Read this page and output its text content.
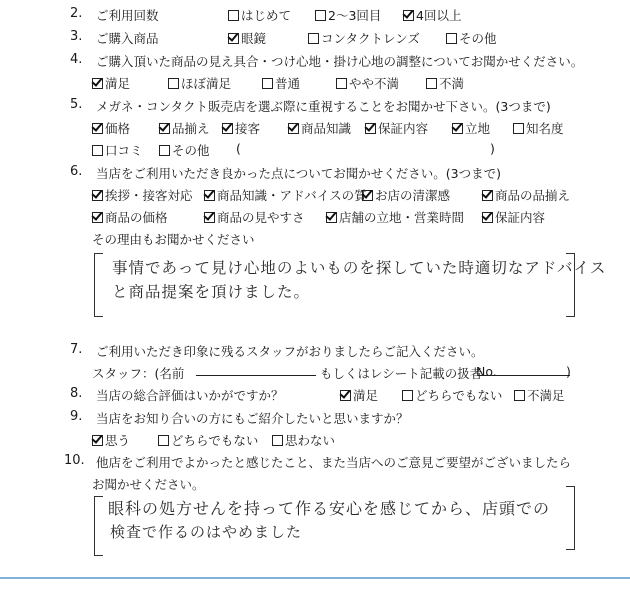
2. ご利用回数	はじめて	2～3回目	4回以上
3. ご購入商品	眼鏡	コンタクトレンズ	その他
4. ご購入頂いた商品の見え具合・つけ心地・掛け心地の調整についてお聞かせください。
満足	ほぼ満足	普通	やや不満	不満
5. メガネ・コンタクト販売店を選ぶ際に重視することをお聞かせ下さい。(3つまで)
価格	品揃え	接客	商品知識	保証内容	立地	知名度
口コミ	その他 (	)
6. 当店をご利用いただき良かった点についてお聞かせください。(3つまで)
挨拶・接客対応	商品知識・アドバイスの質 お店の清潔感	商品の品揃え
商品の価格	商品の見やすさ	店舗の立地・営業時間	保証内容
その理由もお聞かせください
事情であって見け心地のよいものを探していた時適切なアドバイス
と商品提案を頂けました。
7. ご利用いただき印象に残るスタッフがおりましたらご記入ください。
スタッフ：(名前	もしくはレシート記載の扱者
No.	)
8. 当店の総合評価はいかがですか？	満足	どちらでもない	不満足
9. 当店をお知り合いの方にもご紹介したいと思いますか？
思う	どちらでもない	思わない
10. 他店をご利用でよかったと感じたこと、また当店へのご意見ご要望がございましたら
お聞かせください。
眼科の処方せんを持って作る安心を感じてから、店頭での
検査で作るのはやめました
